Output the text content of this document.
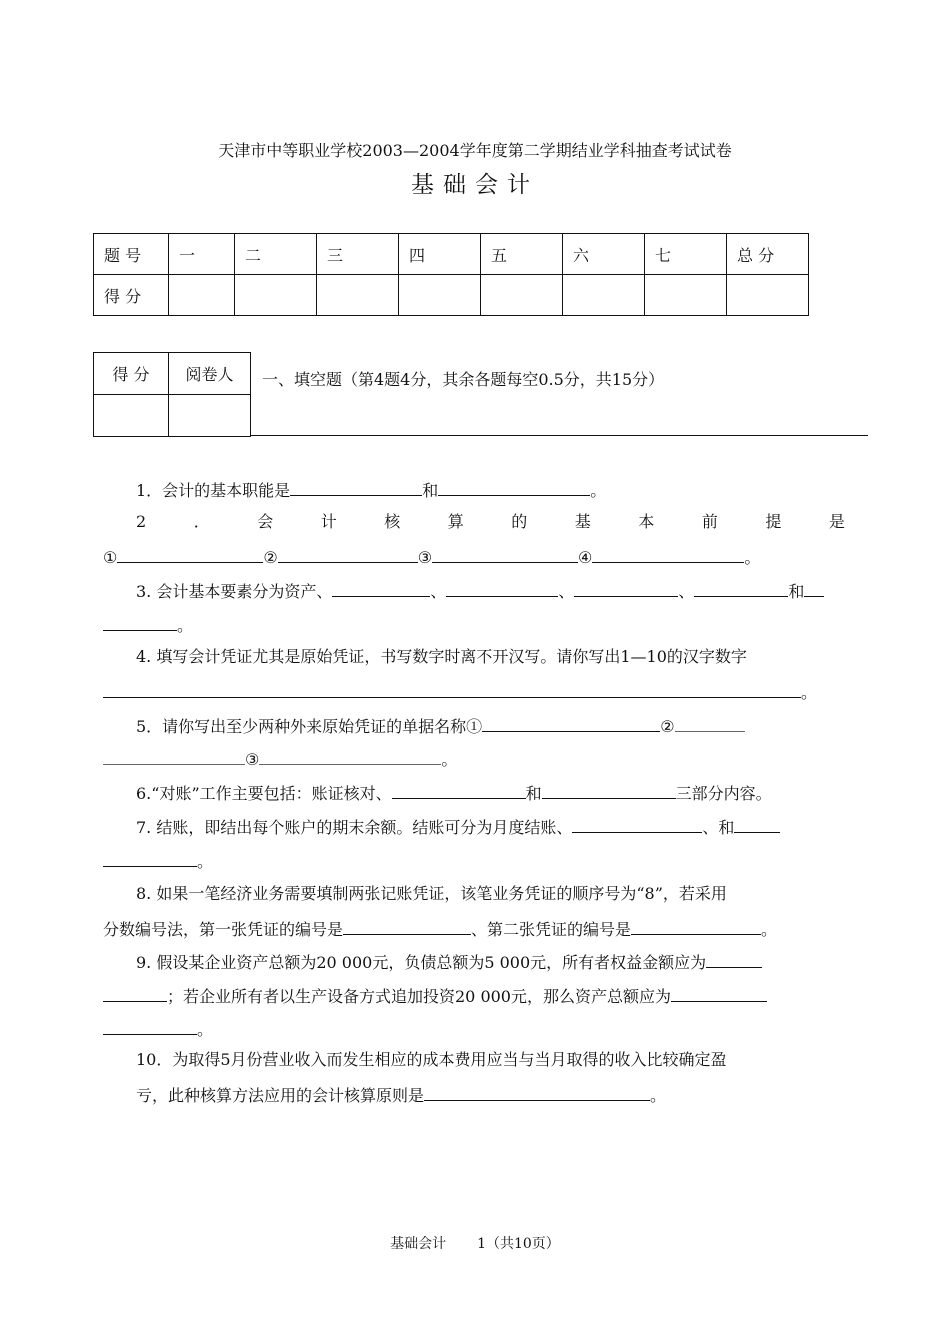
天津市中等职业学校2003—2004学年度第二学期结业学科抽查考试试卷
基础会计
题 号	一	二	三	四	五	六	七	总 分
得 分								
得 分	阅卷人
	一、填空题（第4题4分，其余各题每空0.5分，共15分）
1．会计的基本职能是	和	。
2	．	会	计	核	算	的	基	本	前	提	是
①	②	③	④	。
3. 会计基本要素分为资产、	、	、	、	和
。
4. 填写会计凭证尤其是原始凭证，书写数字时离不开汉写。请你写出1—10的汉字数字
。
5．请你写出至少两种外来原始凭证的单据名称①	②
③	。
6.“对账”工作主要包括：账证核对、	和	三部分内容。
7. 结账，即结出每个账户的期末余额。结账可分为月度结账、	、和
。
8. 如果一笔经济业务需要填制两张记账凭证，该笔业务凭证的顺序号为“8”，若采用
分数编号法，第一张凭证的编号是	、第二张凭证的编号是	。
9. 假设某企业资产总额为20 000元，负债总额为5 000元，所有者权益金额应为
；若企业所有者以生产设备方式追加投资20 000元，那么资产总额应为
。
10．为取得5月份营业收入而发生相应的成本费用应当与当月取得的收入比较确定盈
亏，此种核算方法应用的会计核算原则是	。
基础会计 1（共10页）
